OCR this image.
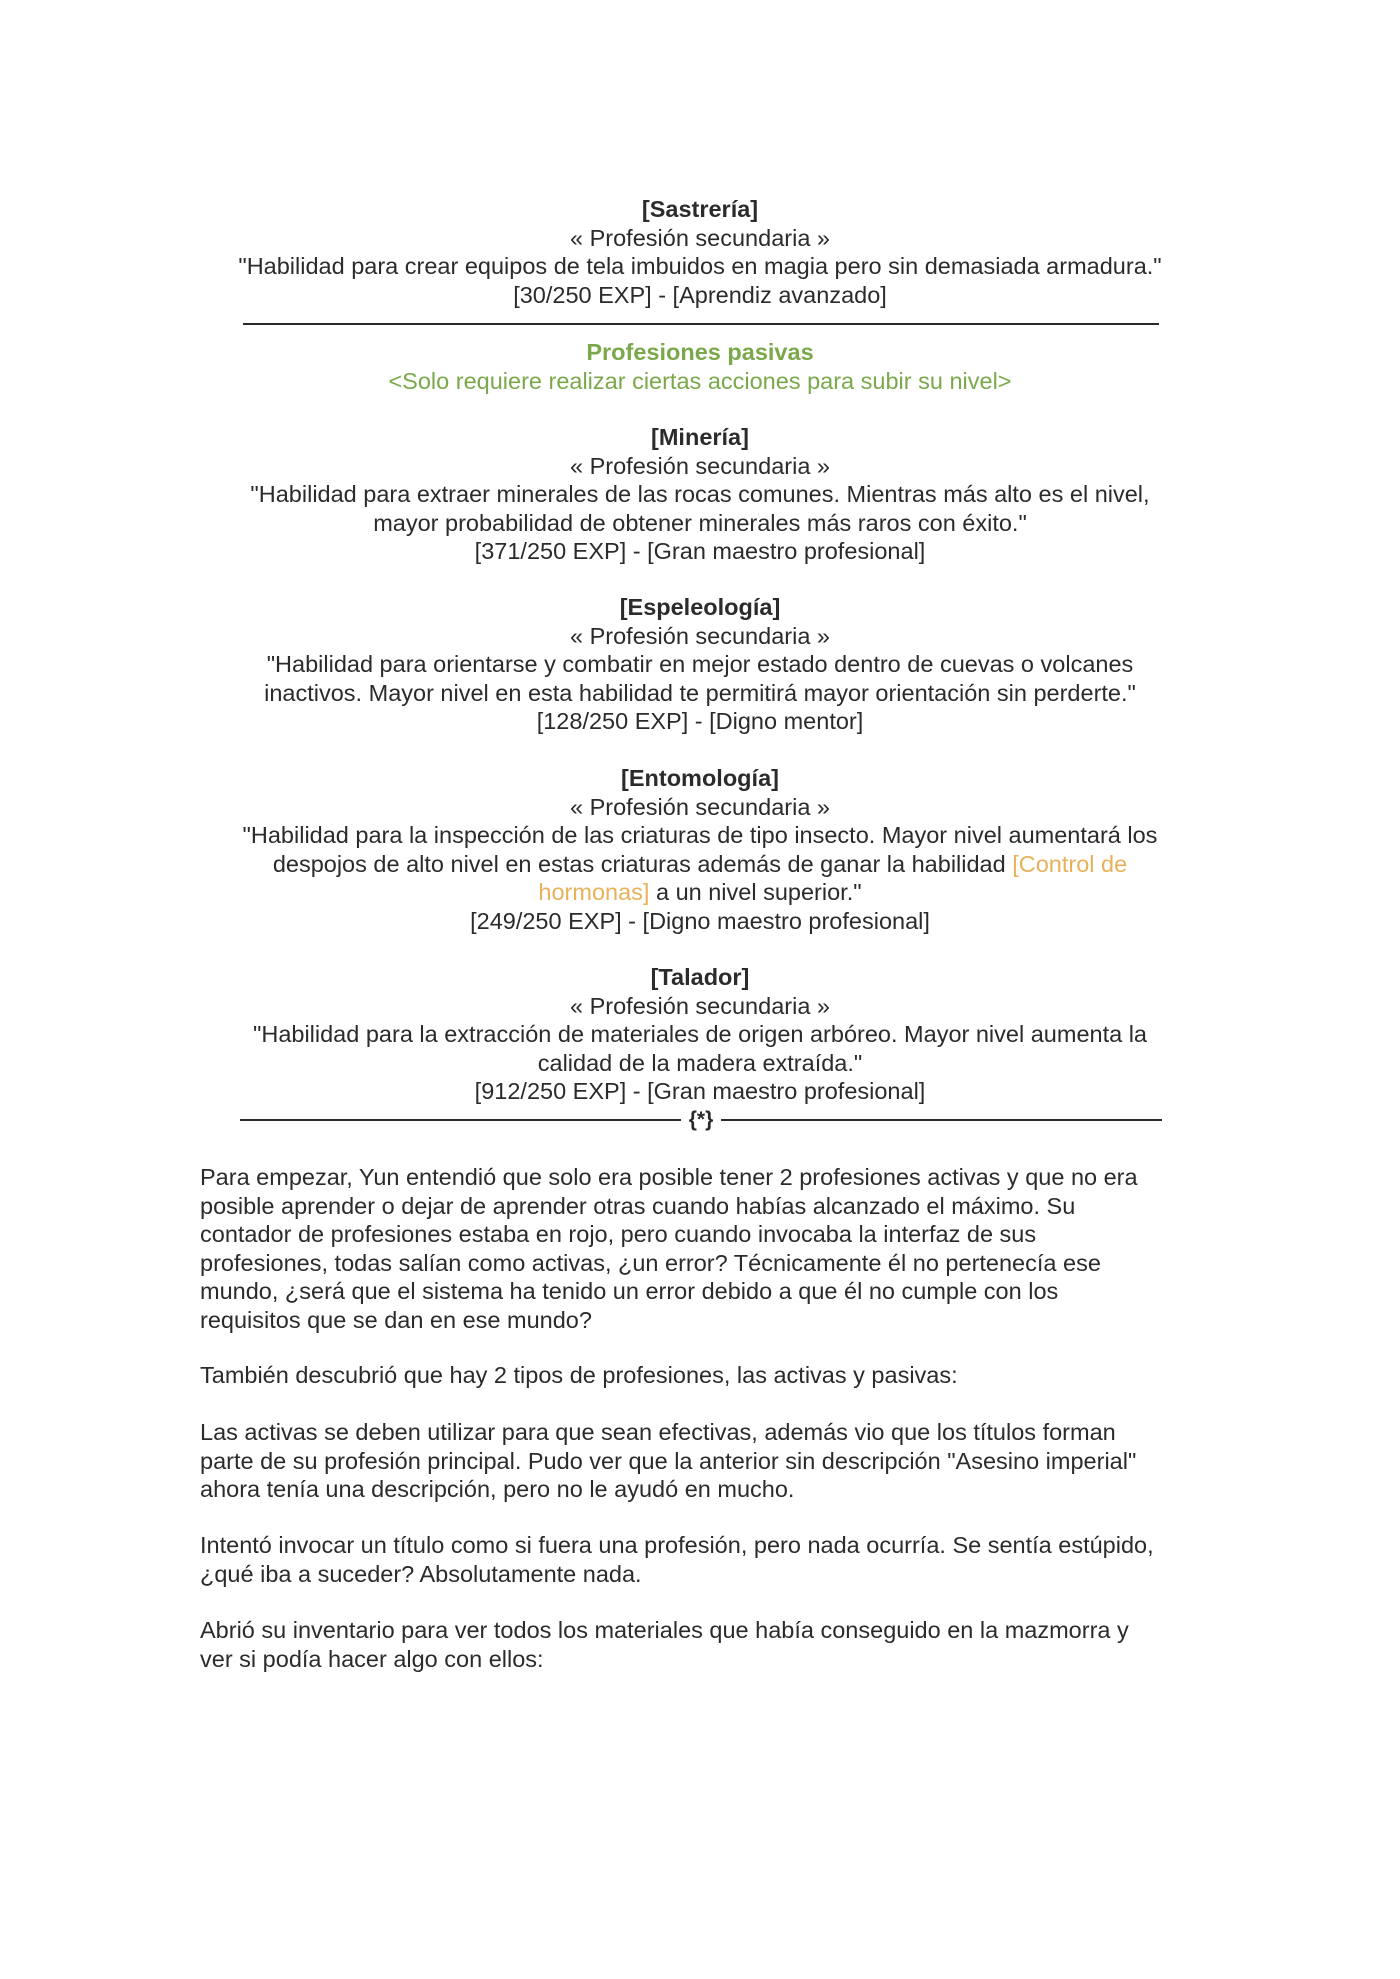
[Sastrería]
« Profesión secundaria »
"Habilidad para crear equipos de tela imbuidos en magia pero sin demasiada armadura."
[30/250 EXP] - [Aprendiz avanzado]
Profesiones pasivas
<Solo requiere realizar ciertas acciones para subir su nivel>
[Minería]
« Profesión secundaria »
"Habilidad para extraer minerales de las rocas comunes. Mientras más alto es el nivel,
mayor probabilidad de obtener minerales más raros con éxito."
[371/250 EXP] - [Gran maestro profesional]
[Espeleología]
« Profesión secundaria »
"Habilidad para orientarse y combatir en mejor estado dentro de cuevas o volcanes
inactivos. Mayor nivel en esta habilidad te permitirá mayor orientación sin perderte."
[128/250 EXP] - [Digno mentor]
[Entomología]
« Profesión secundaria »
"Habilidad para la inspección de las criaturas de tipo insecto. Mayor nivel aumentará los
despojos de alto nivel en estas criaturas además de ganar la habilidad [Control de
hormonas] a un nivel superior."
[249/250 EXP] - [Digno maestro profesional]
[Talador]
« Profesión secundaria »
"Habilidad para la extracción de materiales de origen arbóreo. Mayor nivel aumenta la
calidad de la madera extraída."
[912/250 EXP] - [Gran maestro profesional]
{*}

Para empezar, Yun entendió que solo era posible tener 2 profesiones activas y que no era

posible aprender o dejar de aprender otras cuando habías alcanzado el máximo. Su

contador de profesiones estaba en rojo, pero cuando invocaba la interfaz de sus

profesiones, todas salían como activas, ¿un error? Técnicamente él no pertenecía ese

mundo, ¿será que el sistema ha tenido un error debido a que él no cumple con los

requisitos que se dan en ese mundo?

También descubrió que hay 2 tipos de profesiones, las activas y pasivas:

Las activas se deben utilizar para que sean efectivas, además vio que los títulos forman

parte de su profesión principal. Pudo ver que la anterior sin descripción "Asesino imperial"

ahora tenía una descripción, pero no le ayudó en mucho.

Intentó invocar un título como si fuera una profesión, pero nada ocurría. Se sentía estúpido,

¿qué iba a suceder? Absolutamente nada.

Abrió su inventario para ver todos los materiales que había conseguido en la mazmorra y

ver si podía hacer algo con ellos:
